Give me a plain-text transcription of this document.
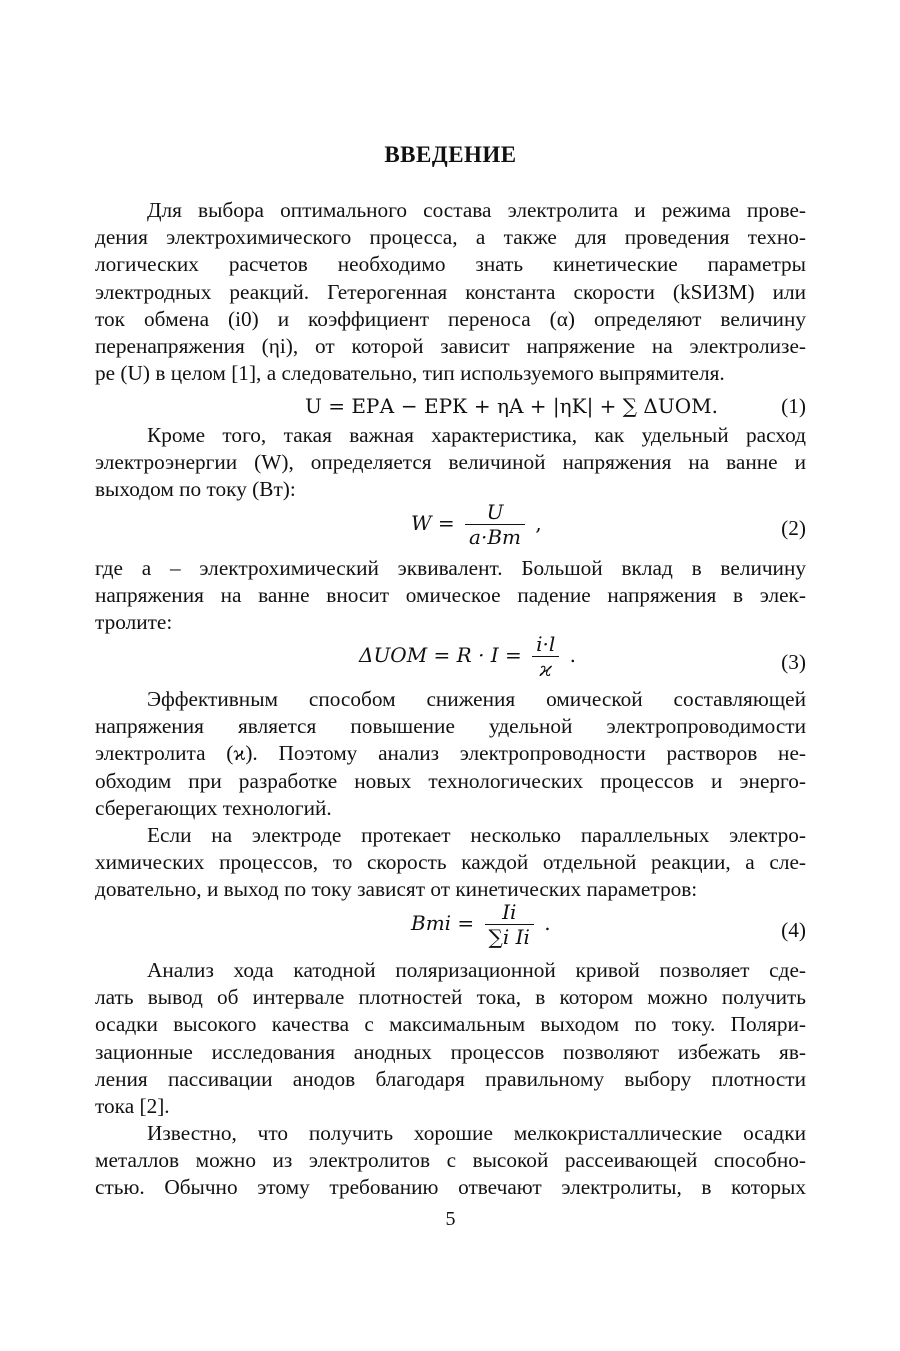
ВВЕДЕНИЕ
Для выбора оптимального состава электролита и режима прове-
дения электрохимического процесса, а также для проведения техно-
логических расчетов необходимо знать кинетические параметры
электродных реакций. Гетерогенная константа скорости (kSИЗМ) или
ток обмена (i0) и коэффициент переноса (α) определяют величину
перенапряжения (ηi), от которой зависит напряжение на электролизе-
ре (U) в целом [1], а следовательно, тип используемого выпрямителя.
U = EPА − EPК + ηA + |ηK| + ∑ ΔUOM.	(1)
Кроме того, такая важная характеристика, как удельный расход
электроэнергии (W), определяется величиной напряжения на ванне и
выходом по току (Вт):
$W = \frac{U}{a\cdot Вт}$ ,	(2)
где a – электрохимический эквивалент. Большой вклад в величину
напряжения на ванне вносит омическое падение напряжения в элек-
тролите:
$\Delta UOM = R \cdot I = \frac{i\cdot l}{ϰ}$ .	(3)
Эффективным способом снижения омической составляющей
напряжения является повышение удельной электропроводимости
электролита (ϰ). Поэтому анализ электропроводности растворов не-
обходим при разработке новых технологических процессов и энерго-
сберегающих технологий.
Если на электроде протекает несколько параллельных электро-
химических процессов, то скорость каждой отдельной реакции, а сле-
довательно, и выход по току зависят от кинетических параметров:
Втi = $\frac{Ii}{\text{∑i Ii}}$ .	(4)
Анализ хода катодной поляризационной кривой позволяет сде-
лать вывод об интервале плотностей тока, в котором можно получить
осадки высокого качества с максимальным выходом по току. Поляри-
зационные исследования анодных процессов позволяют избежать яв-
ления пассивации анодов благодаря правильному выбору плотности
тока [2].
Известно, что получить хорошие мелкокристаллические осадки
металлов можно из электролитов с высокой рассеивающей способно-
стью. Обычно этому требованию отвечают электролиты, в которых
5
